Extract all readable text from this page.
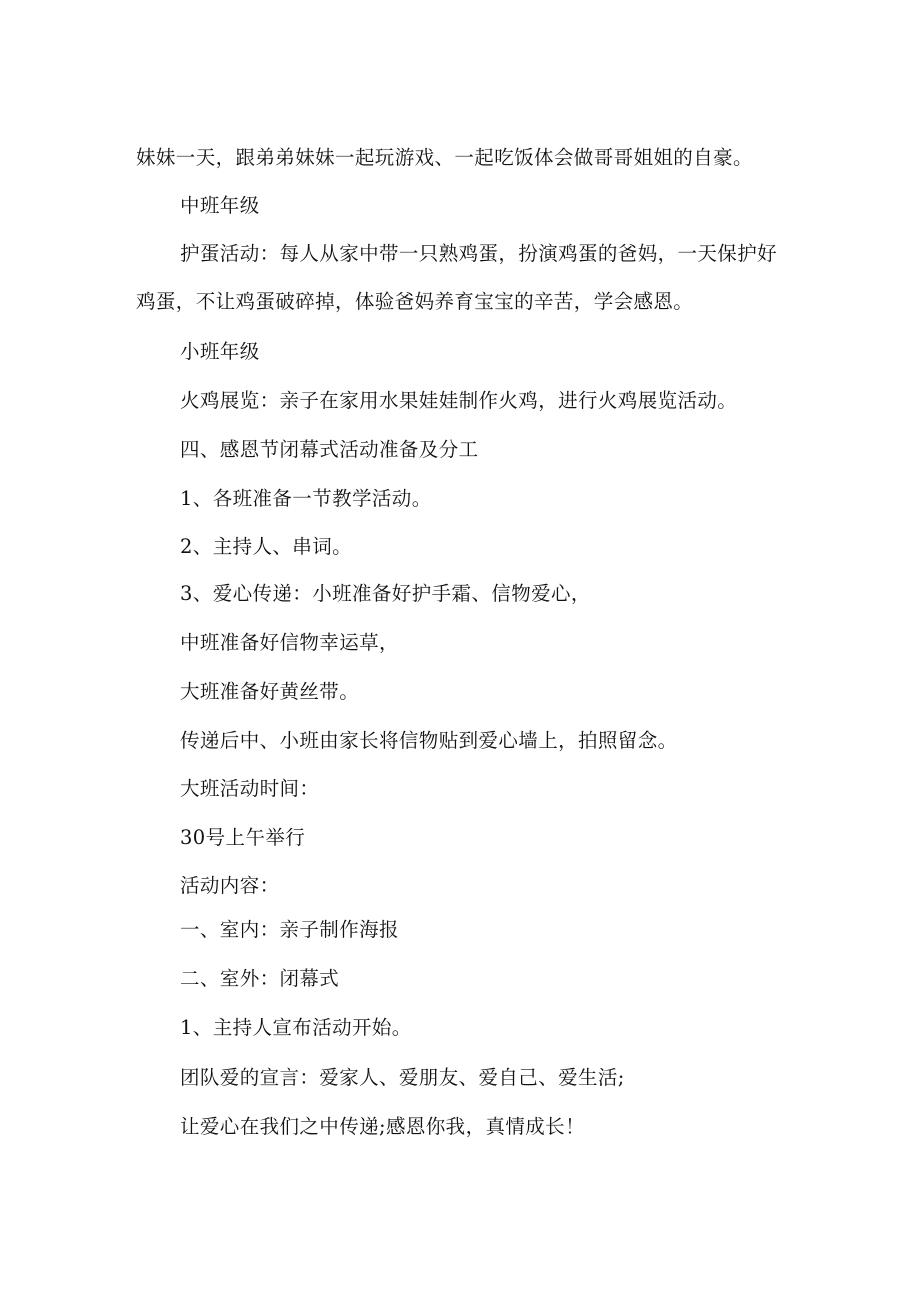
妹妹一天，跟弟弟妹妹一起玩游戏、一起吃饭体会做哥哥姐姐的自豪。
中班年级
护蛋活动：每人从家中带一只熟鸡蛋，扮演鸡蛋的爸妈，一天保护好
鸡蛋，不让鸡蛋破碎掉，体验爸妈养育宝宝的辛苦，学会感恩。
小班年级
火鸡展览：亲子在家用水果娃娃制作火鸡，进行火鸡展览活动。
四、感恩节闭幕式活动准备及分工
1、各班准备一节教学活动。
2、主持人、串词。
3、爱心传递：小班准备好护手霜、信物爱心，
中班准备好信物幸运草，
大班准备好黄丝带。
传递后中、小班由家长将信物贴到爱心墙上，拍照留念。
大班活动时间：
30号上午举行
活动内容：
一、室内：亲子制作海报
二、室外：闭幕式
1、主持人宣布活动开始。
团队爱的宣言：爱家人、爱朋友、爱自己、爱生活;
让爱心在我们之中传递;感恩你我，真情成长！
